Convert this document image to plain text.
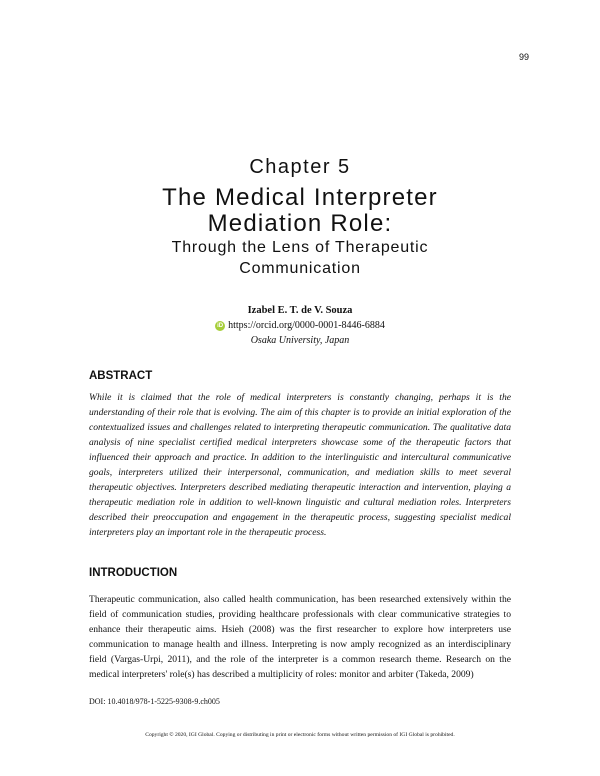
99
Chapter 5
The Medical Interpreter
Mediation Role:
Through the Lens of Therapeutic
Communication
Izabel E. T. de V. Souza
iD https://orcid.org/0000-0001-8446-6884
Osaka University, Japan
ABSTRACT
While it is claimed that the role of medical interpreters is constantly changing, perhaps it is the understanding of their role that is evolving. The aim of this chapter is to provide an initial exploration of the contextualized issues and challenges related to interpreting therapeutic communication. The qualitative data analysis of nine specialist certified medical interpreters showcase some of the therapeutic factors that influenced their approach and practice. In addition to the interlinguistic and intercultural communicative goals, interpreters utilized their interpersonal, communication, and mediation skills to meet several therapeutic objectives. Interpreters described mediating therapeutic interaction and intervention, playing a therapeutic mediation role in addition to well-known linguistic and cultural mediation roles. Interpreters described their preoccupation and engagement in the therapeutic process, suggesting specialist medical interpreters play an important role in the therapeutic process.
INTRODUCTION
Therapeutic communication, also called health communication, has been researched extensively within the field of communication studies, providing healthcare professionals with clear communicative strategies to enhance their therapeutic aims. Hsieh (2008) was the first researcher to explore how interpreters use communication to manage health and illness. Interpreting is now amply recognized as an interdisciplinary field (Vargas-Urpi, 2011), and the role of the interpreter is a common research theme. Research on the medical interpreters' role(s) has described a multiplicity of roles: monitor and arbiter (Takeda, 2009)
DOI: 10.4018/978-1-5225-9308-9.ch005
Copyright © 2020, IGI Global. Copying or distributing in print or electronic forms without written permission of IGI Global is prohibited.
